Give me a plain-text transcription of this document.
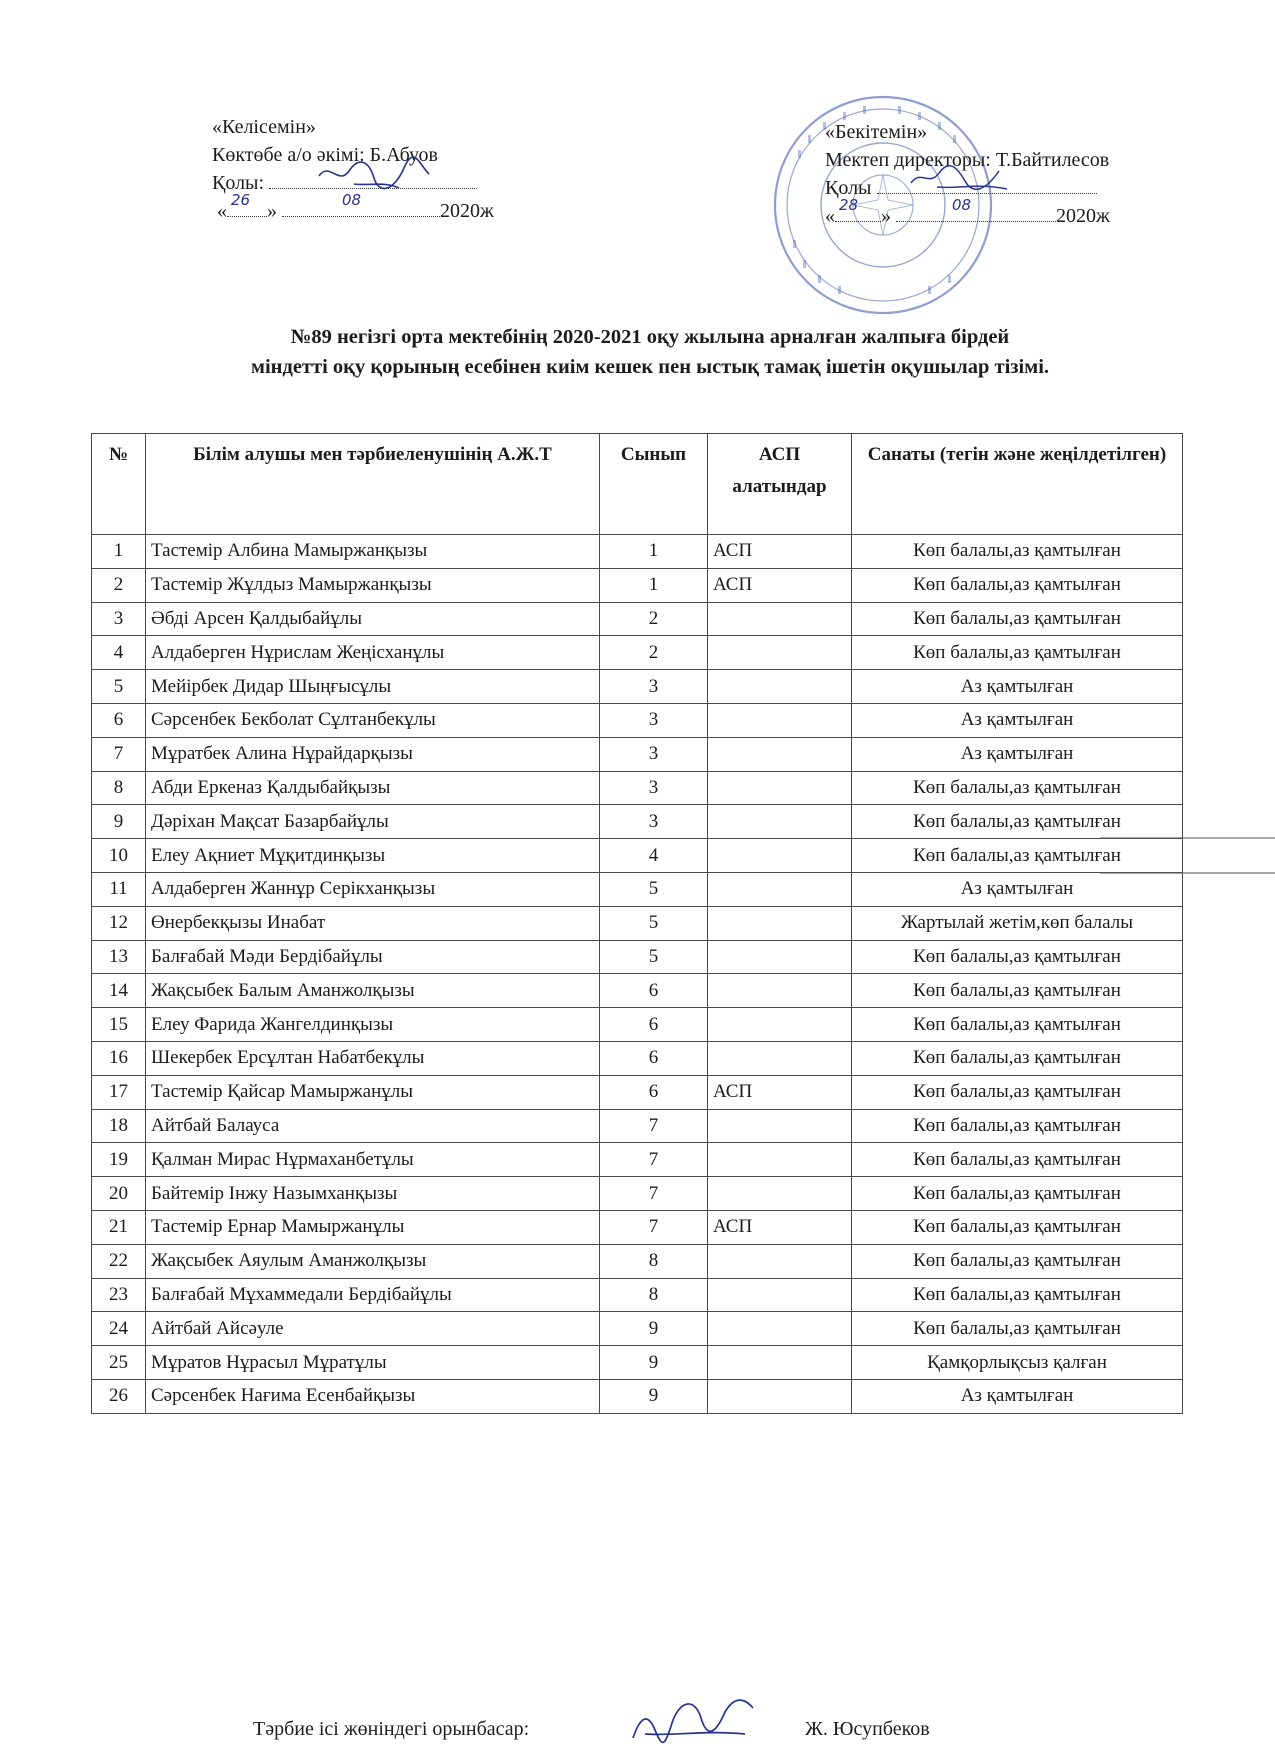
«Келісемін»
Көктөбе а/о әкімі: Б.Абуов
Қолы:
« 26 »	08	2020ж
«Бекітемін»
Мектеп директоры: Т.Байтилесов
Қолы
« 28 »	08	2020ж
№89 негізгі орта мектебінің 2020-2021 оқу жылына арналған жалпыға бірдей
міндетті оқу қорының есебінен киім кешек пен ыстық тамақ ішетін оқушылар тізімі.
№	Білім алушы мен тәрбиеленушінің А.Ж.Т	Сынып	АСП алатындар	Санаты (тегін және жеңілдетілген)
1	Тастемір Албина Мамыржанқызы	1	АСП	Көп балалы,аз қамтылған
2	Тастемір Жұлдыз Мамыржанқызы	1	АСП	Көп балалы,аз қамтылған
3	Әбді Арсен Қалдыбайұлы	2		Көп балалы,аз қамтылған
4	Алдаберген Нұрислам Жеңісханұлы	2		Көп балалы,аз қамтылған
5	Мейірбек Дидар Шыңғысұлы	3		Аз қамтылған
6	Сәрсенбек Бекболат Сұлтанбекұлы	3		Аз қамтылған
7	Мұратбек Алина Нұрайдарқызы	3		Аз қамтылған
8	Абди Еркеназ Қалдыбайқызы	3		Көп балалы,аз қамтылған
9	Дәріхан Мақсат Базарбайұлы	3		Көп балалы,аз қамтылған
10	Елеу Ақниет Мұқитдинқызы	4		Көп балалы,аз қамтылған
11	Алдаберген Жаннұр Серікханқызы	5		Аз қамтылған
12	Өнербекқызы Инабат	5		Жартылай жетім,көп балалы
13	Балғабай Мәди Бердібайұлы	5		Көп балалы,аз қамтылған
14	Жақсыбек Балым Аманжолқызы	6		Көп балалы,аз қамтылған
15	Елеу Фарида Жангелдинқызы	6		Көп балалы,аз қамтылған
16	Шекербек Ерсұлтан Набатбекұлы	6		Көп балалы,аз қамтылған
17	Тастемір Қайсар Мамыржанұлы	6	АСП	Көп балалы,аз қамтылған
18	Айтбай Балауса	7		Көп балалы,аз қамтылған
19	Қалман Мирас Нұрмаханбетұлы	7		Көп балалы,аз қамтылған
20	Байтемір Інжу Назымханқызы	7		Көп балалы,аз қамтылған
21	Тастемір Ернар Мамыржанұлы	7	АСП	Көп балалы,аз қамтылған
22	Жақсыбек Аяулым Аманжолқызы	8		Көп балалы,аз қамтылған
23	Балғабай Мұхаммедали Бердібайұлы	8		Көп балалы,аз қамтылған
24	Айтбай Айсәуле	9		Көп балалы,аз қамтылған
25	Мұратов Нұрасыл Мұратұлы	9		Қамқорлықсыз қалған
26	Сәрсенбек Нағима Есенбайқызы	9		Аз қамтылған
Тәрбие ісі жөніндегі орынбасар:	Ж. Юсупбеков
